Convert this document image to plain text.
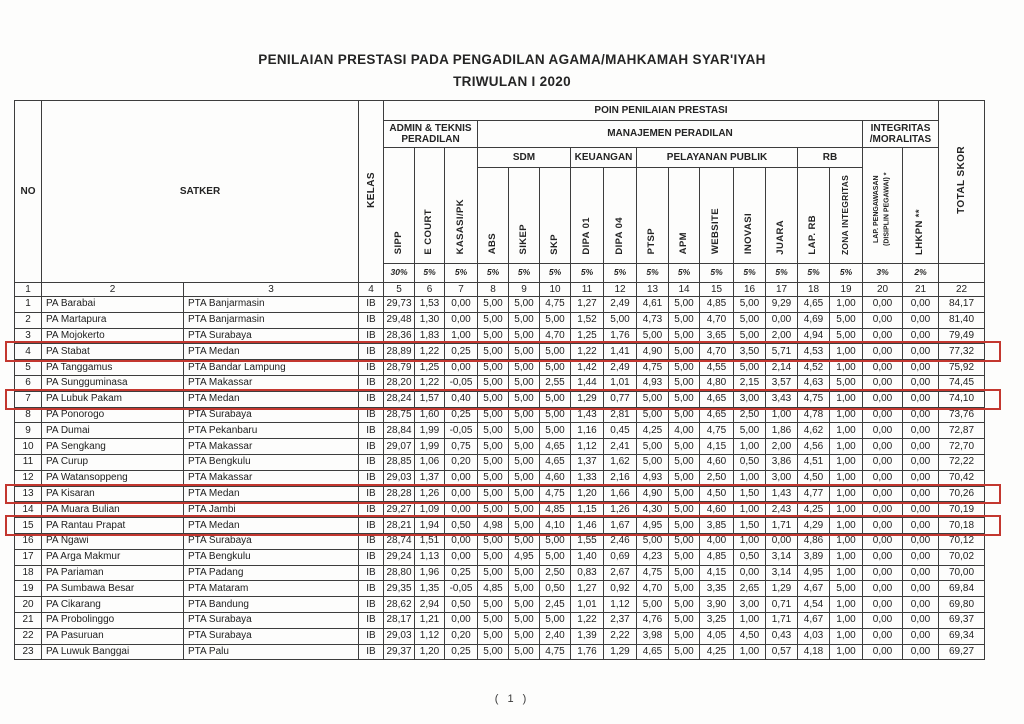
PENILAIAN PRESTASI PADA PENGADILAN AGAMA/MAHKAMAH SYAR'IYAH
TRIWULAN I 2020
NO	SATKER		KELAS	POIN PENILAIAN PRESTASI																	TOTAL SKOR
				ADMIN & TEKNIS PERADILAN			MANAJEMEN PERADILAN												INTEGRITAS /MORALITAS		
				SIPP	E COURT	KASASI/PK	SDM			KEUANGAN		PELAYANAN PUBLIK					RB		LAP. PENGAWASAN (DISIPLIN PEGAWAI) *	LHKPN **	
							ABS	SIKEP	SKP	DIPA 01	DIPA 04	PTSP	APM	WEBSITE	INOVASI	JUARA	LAP. RB	ZONA INTEGRITAS			
				30%	5%	5%	5%	5%	5%	5%	5%	5%	5%	5%	5%	5%	5%	5%	3%	2%	
1	2	3	4	5	6	7	8	9	10	11	12	13	14	15	16	17	18	19	20	21	22
1	PA Barabai	PTA Banjarmasin	IB	29,73	1,53	0,00	5,00	5,00	4,75	1,27	2,49	4,61	5,00	4,85	5,00	9,29	4,65	1,00	0,00	0,00	84,17
2	PA Martapura	PTA Banjarmasin	IB	29,48	1,30	0,00	5,00	5,00	5,00	1,52	5,00	4,73	5,00	4,70	5,00	0,00	4,69	5,00	0,00	0,00	81,40
3	PA Mojokerto	PTA Surabaya	IB	28,36	1,83	1,00	5,00	5,00	4,70	1,25	1,76	5,00	5,00	3,65	5,00	2,00	4,94	5,00	0,00	0,00	79,49
4	PA Stabat	PTA Medan	IB	28,89	1,22	0,25	5,00	5,00	5,00	1,22	1,41	4,90	5,00	4,70	3,50	5,71	4,53	1,00	0,00	0,00	77,32
5	PA Tanggamus	PTA Bandar Lampung	IB	28,79	1,25	0,00	5,00	5,00	5,00	1,42	2,49	4,75	5,00	4,55	5,00	2,14	4,52	1,00	0,00	0,00	75,92
6	PA Sungguminasa	PTA Makassar	IB	28,20	1,22	-0,05	5,00	5,00	2,55	1,44	1,01	4,93	5,00	4,80	2,15	3,57	4,63	5,00	0,00	0,00	74,45
7	PA Lubuk Pakam	PTA Medan	IB	28,24	1,57	0,40	5,00	5,00	5,00	1,29	0,77	5,00	5,00	4,65	3,00	3,43	4,75	1,00	0,00	0,00	74,10
8	PA Ponorogo	PTA Surabaya	IB	28,75	1,60	0,25	5,00	5,00	5,00	1,43	2,81	5,00	5,00	4,65	2,50	1,00	4,78	1,00	0,00	0,00	73,76
9	PA Dumai	PTA Pekanbaru	IB	28,84	1,99	-0,05	5,00	5,00	5,00	1,16	0,45	4,25	4,00	4,75	5,00	1,86	4,62	1,00	0,00	0,00	72,87
10	PA Sengkang	PTA Makassar	IB	29,07	1,99	0,75	5,00	5,00	4,65	1,12	2,41	5,00	5,00	4,15	1,00	2,00	4,56	1,00	0,00	0,00	72,70
11	PA Curup	PTA Bengkulu	IB	28,85	1,06	0,20	5,00	5,00	4,65	1,37	1,62	5,00	5,00	4,60	0,50	3,86	4,51	1,00	0,00	0,00	72,22
12	PA Watansoppeng	PTA Makassar	IB	29,03	1,37	0,00	5,00	5,00	4,60	1,33	2,16	4,93	5,00	2,50	1,00	3,00	4,50	1,00	0,00	0,00	70,42
13	PA Kisaran	PTA Medan	IB	28,28	1,26	0,00	5,00	5,00	4,75	1,20	1,66	4,90	5,00	4,50	1,50	1,43	4,77	1,00	0,00	0,00	70,26
14	PA Muara Bulian	PTA Jambi	IB	29,27	1,09	0,00	5,00	5,00	4,85	1,15	1,26	4,30	5,00	4,60	1,00	2,43	4,25	1,00	0,00	0,00	70,19
15	PA Rantau Prapat	PTA Medan	IB	28,21	1,94	0,50	4,98	5,00	4,10	1,46	1,67	4,95	5,00	3,85	1,50	1,71	4,29	1,00	0,00	0,00	70,18
16	PA Ngawi	PTA Surabaya	IB	28,74	1,51	0,00	5,00	5,00	5,00	1,55	2,46	5,00	5,00	4,00	1,00	0,00	4,86	1,00	0,00	0,00	70,12
17	PA Arga Makmur	PTA Bengkulu	IB	29,24	1,13	0,00	5,00	4,95	5,00	1,40	0,69	4,23	5,00	4,85	0,50	3,14	3,89	1,00	0,00	0,00	70,02
18	PA Pariaman	PTA Padang	IB	28,80	1,96	0,25	5,00	5,00	2,50	0,83	2,67	4,75	5,00	4,15	0,00	3,14	4,95	1,00	0,00	0,00	70,00
19	PA Sumbawa Besar	PTA Mataram	IB	29,35	1,35	-0,05	4,85	5,00	0,50	1,27	0,92	4,70	5,00	3,35	2,65	1,29	4,67	5,00	0,00	0,00	69,84
20	PA Cikarang	PTA Bandung	IB	28,62	2,94	0,50	5,00	5,00	2,45	1,01	1,12	5,00	5,00	3,90	3,00	0,71	4,54	1,00	0,00	0,00	69,80
21	PA Probolinggo	PTA Surabaya	IB	28,17	1,21	0,00	5,00	5,00	5,00	1,22	2,37	4,76	5,00	3,25	1,00	1,71	4,67	1,00	0,00	0,00	69,37
22	PA Pasuruan	PTA Surabaya	IB	29,03	1,12	0,20	5,00	5,00	2,40	1,39	2,22	3,98	5,00	4,05	4,50	0,43	4,03	1,00	0,00	0,00	69,34
23	PA Luwuk Banggai	PTA Palu	IB	29,37	1,20	0,25	5,00	5,00	4,75	1,76	1,29	4,65	5,00	4,25	1,00	0,57	4,18	1,00	0,00	0,00	69,27
( 1 )
